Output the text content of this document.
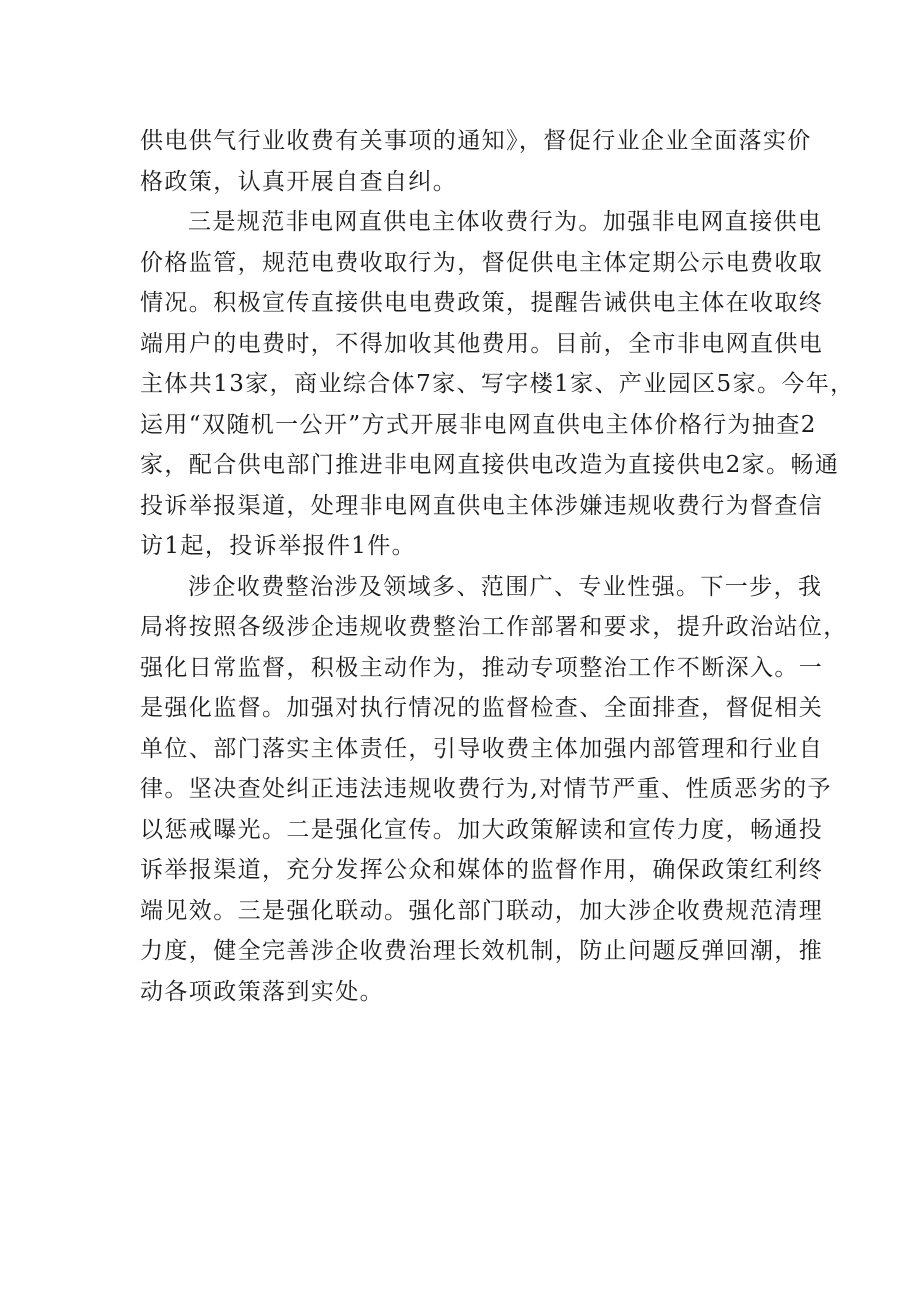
供电供气行业收费有关事项的通知》，督促行业企业全面落实价
格政策，认真开展自查自纠。
三是规范非电网直供电主体收费行为。加强非电网直接供电
价格监管，规范电费收取行为，督促供电主体定期公示电费收取
情况。积极宣传直接供电电费政策，提醒告诫供电主体在收取终
端用户的电费时，不得加收其他费用。目前，全市非电网直供电
主体共13家，商业综合体7家、写字楼1家、产业园区5家。今年，
运用“双随机一公开”方式开展非电网直供电主体价格行为抽查2
家，配合供电部门推进非电网直接供电改造为直接供电2家。畅通
投诉举报渠道，处理非电网直供电主体涉嫌违规收费行为督查信
访1起，投诉举报件1件。
涉企收费整治涉及领域多、范围广、专业性强。下一步，我
局将按照各级涉企违规收费整治工作部署和要求，提升政治站位，
强化日常监督，积极主动作为，推动专项整治工作不断深入。一
是强化监督。加强对执行情况的监督检查、全面排查，督促相关
单位、部门落实主体责任，引导收费主体加强内部管理和行业自
律。坚决查处纠正违法违规收费行为,对情节严重、性质恶劣的予
以惩戒曝光。二是强化宣传。加大政策解读和宣传力度，畅通投
诉举报渠道，充分发挥公众和媒体的监督作用，确保政策红利终
端见效。三是强化联动。强化部门联动，加大涉企收费规范清理
力度，健全完善涉企收费治理长效机制，防止问题反弹回潮，推
动各项政策落到实处。
